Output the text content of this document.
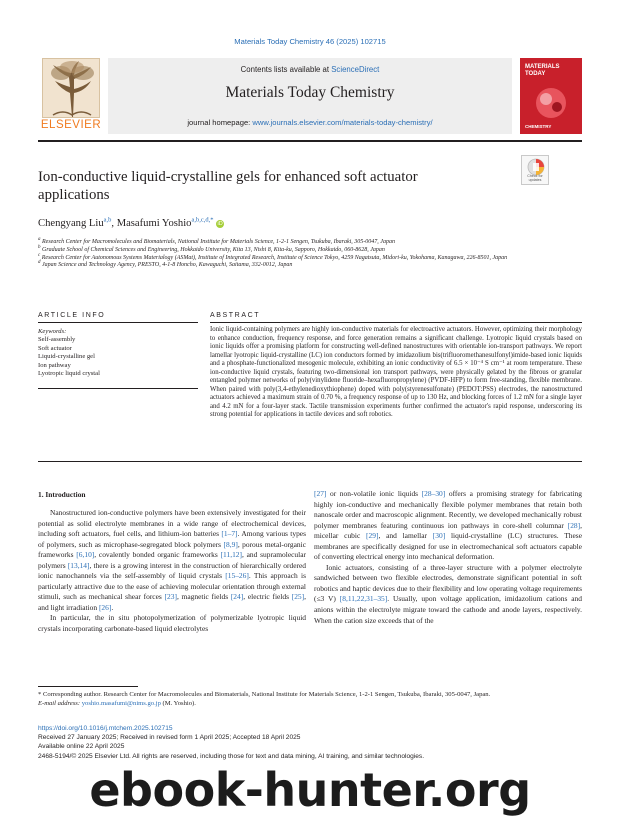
Materials Today Chemistry 46 (2025) 102715
ELSEVIER
Contents lists available at ScienceDirect
Materials Today Chemistry
journal homepage: www.journals.elsevier.com/materials-today-chemistry/
MATERIALS TODAY
CHEMISTRY
Ion-conductive liquid-crystalline gels for enhanced soft actuator applications
Check for updates
Chengyang Liu$^{a,b}$, Masafumi Yoshio$^{a,b,c,d,*}$ iD
$^a$ Research Center for Macromolecules and Biomaterials, National Institute for Materials Science, 1-2-1 Sengen, Tsukuba, Ibaraki, 305-0047, Japan
$^b$ Graduate School of Chemical Sciences and Engineering, Hokkaido University, Kita 13, Nishi 8, Kita-ku, Sapporo, Hokkaido, 060-8628, Japan
$^c$ Research Center for Autonomous Systems Materialogy (ASMat), Institute of Integrated Research, Institute of Science Tokyo, 4259 Nagatsuta, Midori-ku, Yokohama, Kanagawa, 226-8501, Japan
$^d$ Japan Science and Technology Agency, PRESTO, 4-1-8 Honcho, Kawaguchi, Saitama, 332-0012, Japan
ARTICLE INFO	ABSTRACT
Keywords:
Self-assembly
Soft actuator
Liquid-crystalline gel
Ion pathway
Lyotropic liquid crystal
Ionic liquid-containing polymers are highly ion-conductive materials for electroactive actuators. However, optimizing their morphology to enhance conduction, frequency response, and force generation remains a significant challenge. Lyotropic liquid crystals based on ionic liquids offer a promising platform for constructing well-defined nanostructures with orientable ion-transport pathways. We report lamellar lyotropic liquid-crystalline (LC) ion conductors formed by imidazolium bis(trifluoromethanesulfonyl)imide-based ionic liquids and a phosphate-functionalized mesogenic molecule, exhibiting an ionic conductivity of 6.5 × 10⁻⁴ S cm⁻¹ at room temperature. These ion-conductive liquid crystals, featuring two-dimensional ion transport pathways, were physically gelated by the fibrous or granular entangled polymer networks of poly(vinylidene fluoride–hexafluoropropylene) (PVDF-HFP) to form free-standing, flexible membrane. When paired with poly(3,4-ethylenedioxythiophene) doped with poly(styrenesulfonate) (PEDOT:PSS) electrodes, the nanostructured actuators achieved a maximum strain of 0.70 %, a frequency response of up to 130 Hz, and blocking forces of 1.2 mN for a single layer and 4.2 mN for a four-layer stack. Tactile transmission experiments further confirmed the actuator's rapid response, underscoring its strong potential for applications in tactile devices and soft robotics.
1. Introduction

Nanostructured ion-conductive polymers have been extensively investigated for their potential as solid electrolyte membranes in a wide range of electrochemical devices, including soft actuators, fuel cells, and lithium-ion batteries [1–7]. Among various types of polymers, such as microphase-segregated block polymers [8,9], porous metal-organic frameworks [6,10], covalently bonded organic frameworks [11,12], and supramolecular polymers [13,14], there is a growing interest in the construction of hierarchically ordered ionic nanochannels via the self-assembly of liquid crystals [15–26]. This approach is particularly attractive due to the ease of achieving molecular orientation through external stimuli, such as mechanical shear forces [23], magnetic fields [24], electric fields [25], and light irradiation [26].

In particular, the in situ photopolymerization of polymerizable lyotropic liquid crystals incorporating carbonate-based liquid electrolytes

[27] or non-volatile ionic liquids [28–30] offers a promising strategy for fabricating highly ion-conductive and mechanically flexible polymer membranes that retain both nanoscale order and macroscopic alignment. Recently, we developed mechanically robust polymer membranes featuring continuous ion pathways in core-shell columnar [28], micellar cubic [29], and lamellar [30] liquid-crystalline (LC) structures. These membranes are specifically designed for use in electromechanical soft actuators capable of converting electrical energy into mechanical deformation.

Ionic actuators, consisting of a three-layer structure with a polymer electrolyte sandwiched between two flexible electrodes, demonstrate significant potential in soft robotics and haptic devices due to their flexibility and low operating voltage requirements (≤3 V) [8,11,22,31–35]. Usually, upon voltage application, imidazolium cations and anions within the electrolyte migrate toward the cathode and anode layers, respectively. When the cation size exceeds that of the

* Corresponding author. Research Center for Macromolecules and Biomaterials, National Institute for Materials Science, 1-2-1 Sengen, Tsukuba, Ibaraki, 305-0047, Japan.
E-mail address: yoshio.masafumi@nims.go.jp (M. Yoshio).
https://doi.org/10.1016/j.mtchem.2025.102715
Received 27 January 2025; Received in revised form 1 April 2025; Accepted 18 April 2025
Available online 22 April 2025
2468-5194/© 2025 Elsevier Ltd. All rights are reserved, including those for text and data mining, AI training, and similar technologies.
ebook-hunter.org
